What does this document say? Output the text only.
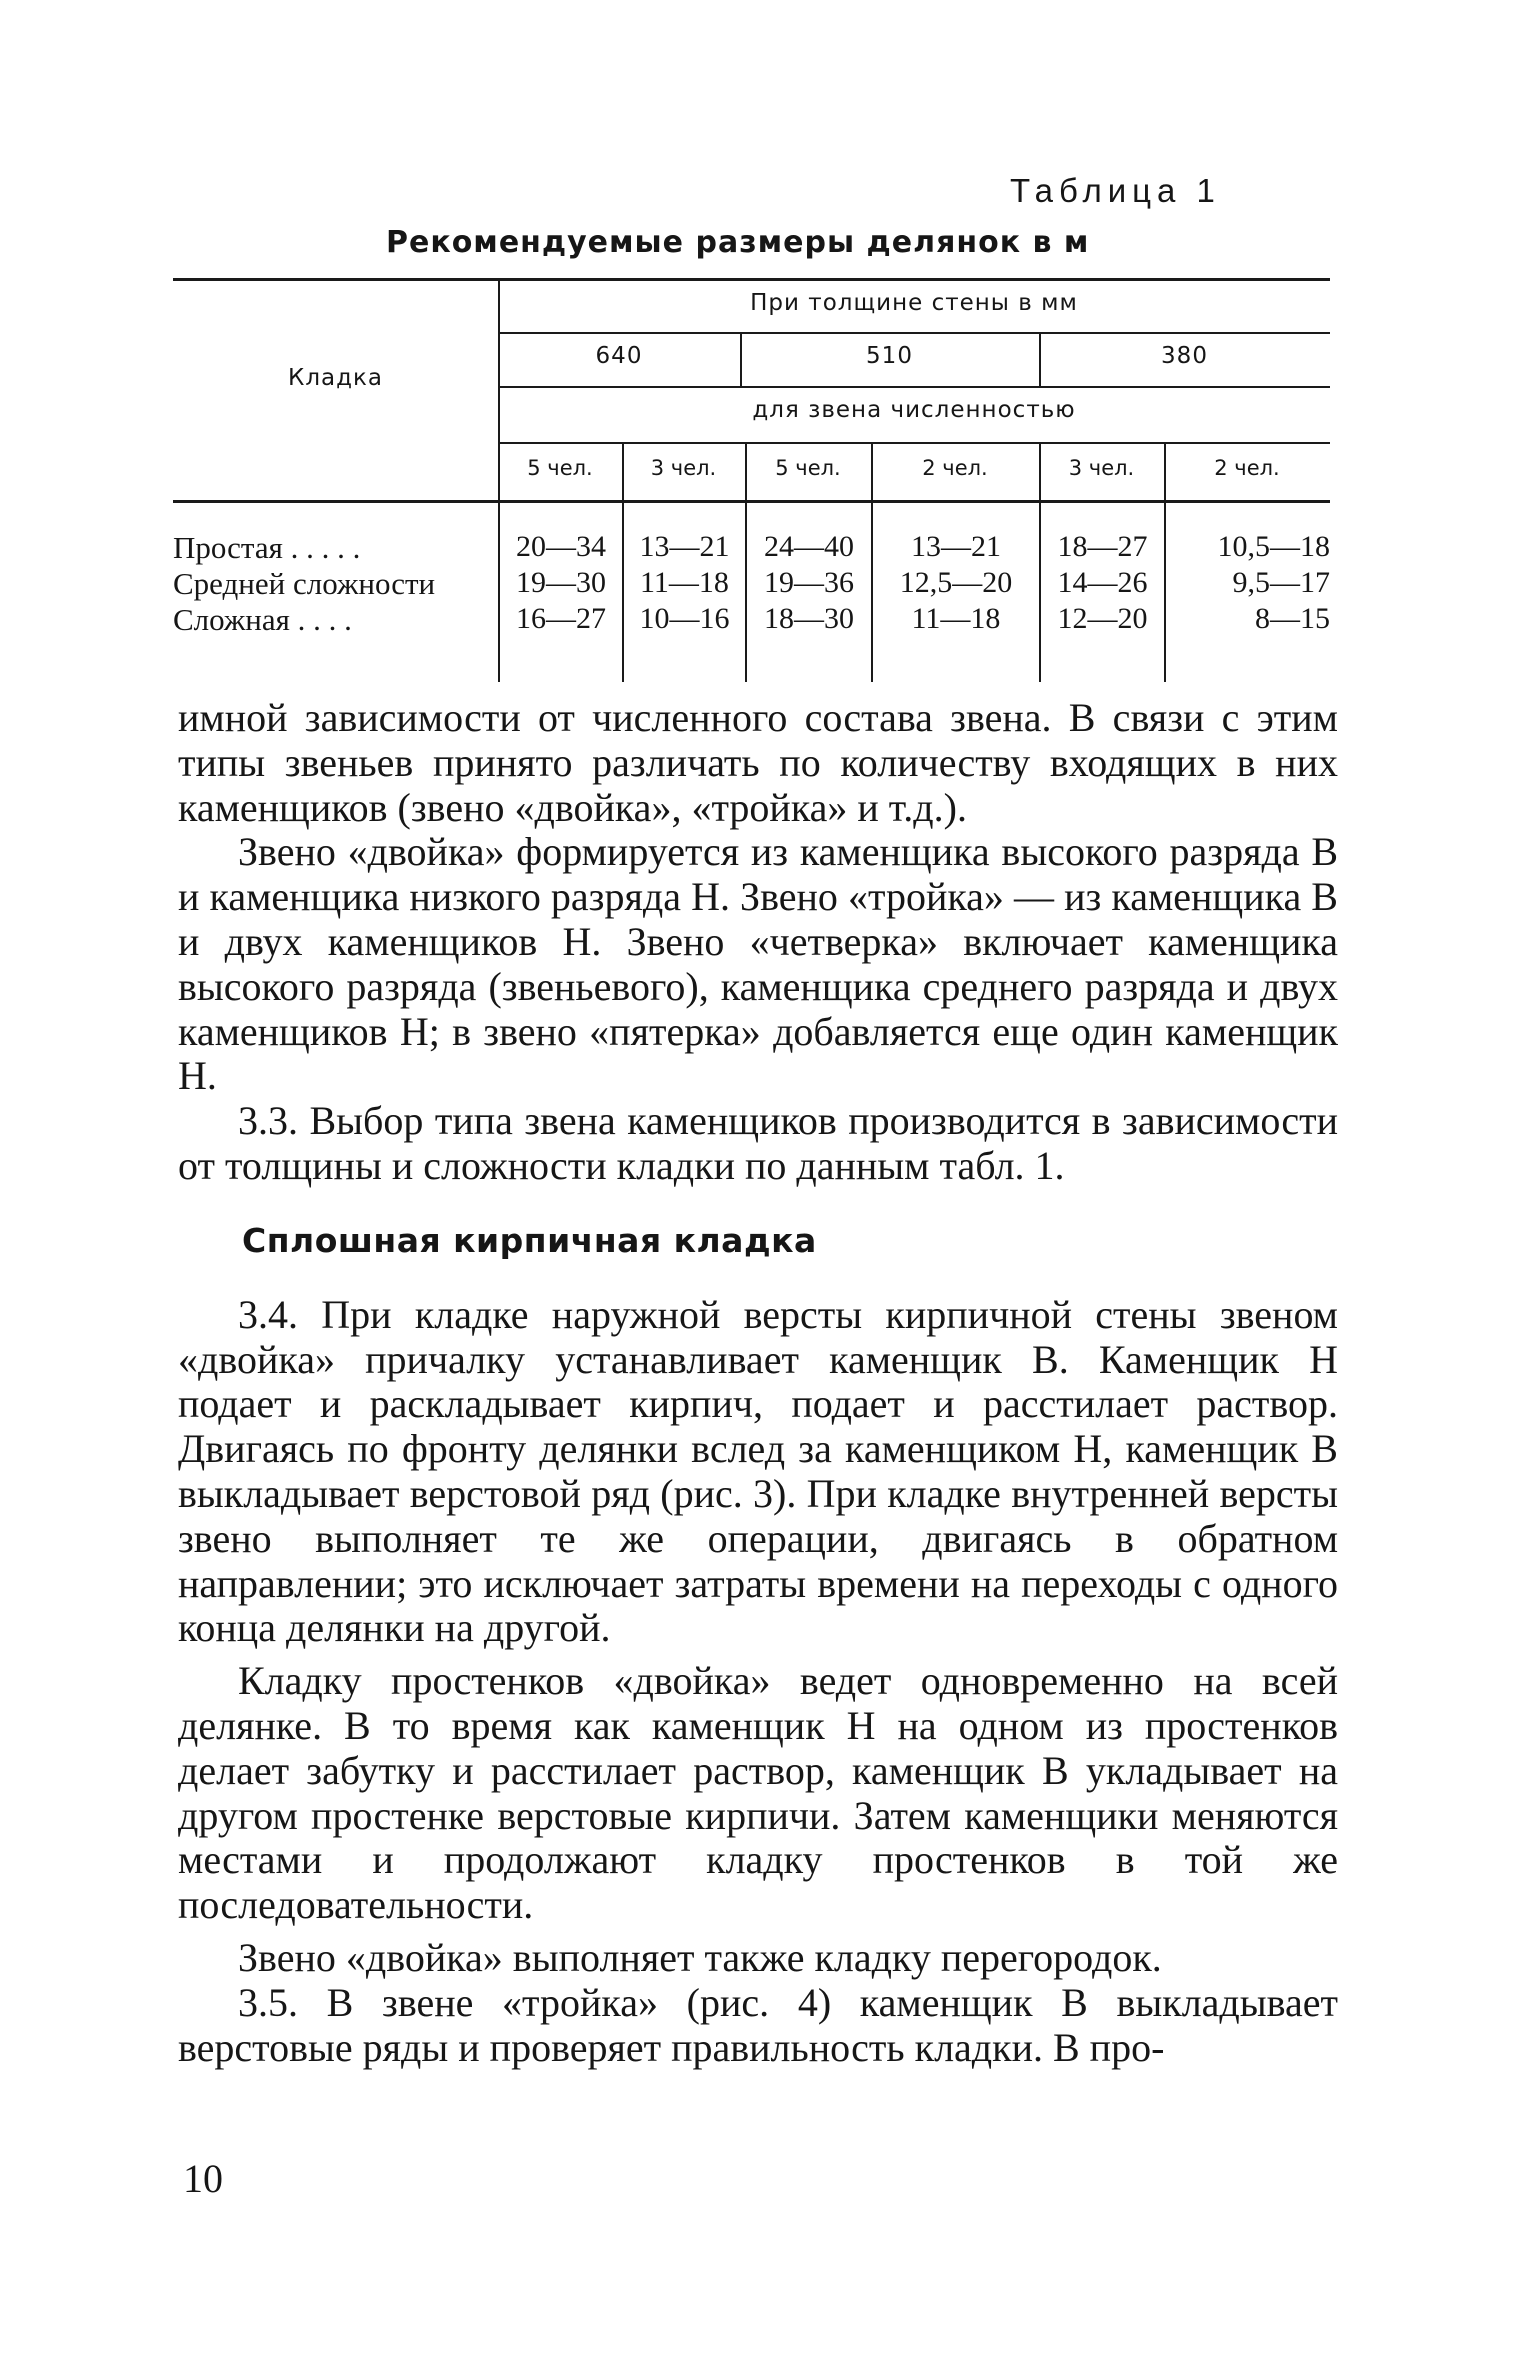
Таблица 1
Рекомендуемые размеры делянок в м
Кладка
При толщине стены в мм
640	510	380
для звена численностью
5 чел.	3 чел.	5 чел.	2 чел.	3 чел.	2 чел.
Простая . . . . .	20—34	13—21	24—40	13—21	18—27	10,5—18
Средней сложности	19—30	11—18	19—36	12,5—20	14—26	9,5—17
Сложная . . . .	16—27	10—16	18—30	11—18	12—20	8—15

имной зависимости от численного состава звена. В связи с этим типы звеньев принято различать по количеству входящих в них каменщиков (звено «двойка», «тройка» и т.д.).

Звено «двойка» формируется из каменщика высокого разряда В и каменщика низкого разряда Н. Звено «тройка» — из каменщика В и двух каменщиков Н. Звено «четверка» включает каменщика высокого разряда (звеньевого), каменщика среднего разряда и двух каменщиков Н; в звено «пятерка» добавляется еще один каменщик Н.

3.3. Выбор типа звена каменщиков производится в зависимости от толщины и сложности кладки по данным табл. 1.

Сплошная кирпичная кладка

3.4. При кладке наружной версты кирпичной стены звеном «двойка» причалку устанавливает каменщик В. Каменщик Н подает и раскладывает кирпич, подает и расстилает раствор. Двигаясь по фронту делянки вслед за каменщиком Н, каменщик В выкладывает верстовой ряд (рис. 3). При кладке внутренней версты звено выполняет те же операции, двигаясь в обратном направлении; это исключает затраты времени на переходы с одного конца делянки на другой.

Кладку простенков «двойка» ведет одновременно на всей делянке. В то время как каменщик Н на одном из простенков делает забутку и расстилает раствор, каменщик В укладывает на другом простенке верстовые кирпичи. Затем каменщики меняются местами и продолжают кладку простенков в той же последовательности.

Звено «двойка» выполняет также кладку перегородок.

3.5. В звене «тройка» (рис. 4) каменщик В выкладывает верстовые ряды и проверяет правильность кладки. В про-

10
